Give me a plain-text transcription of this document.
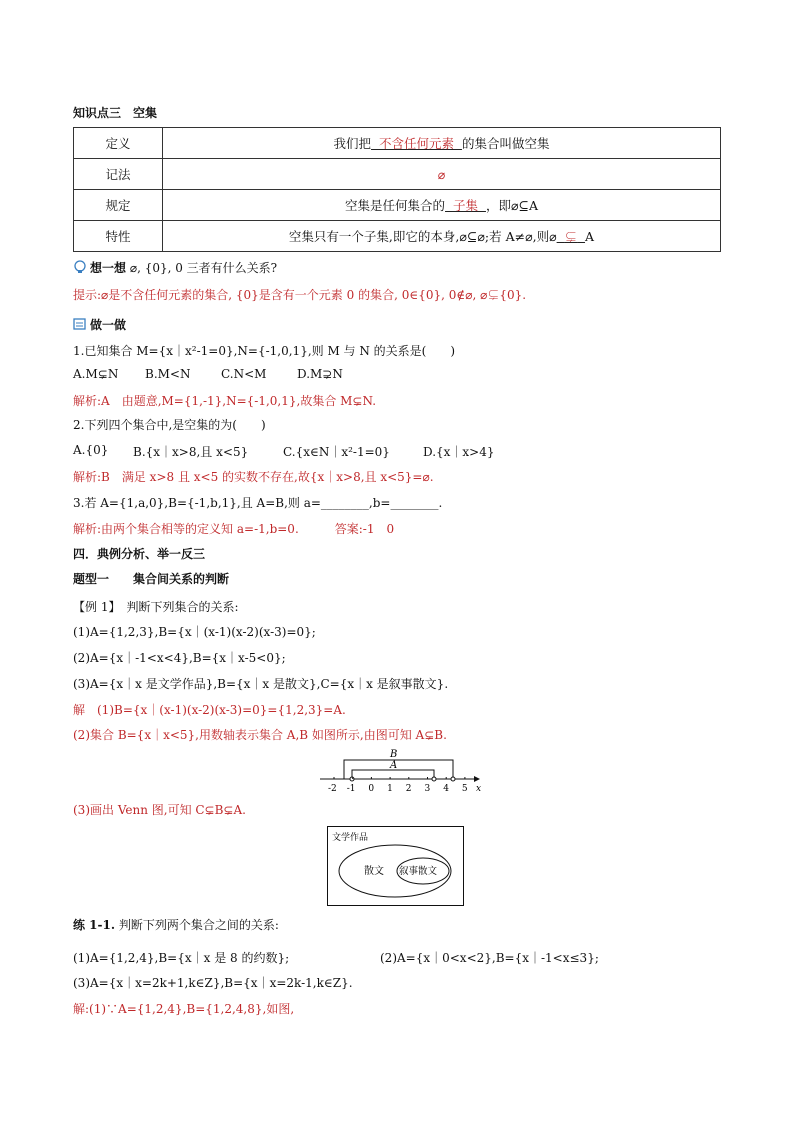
知识点三　空集
定义	我们把 不含任何元素 的集合叫做空集
记法	⌀
规定	空集是任何集合的 子集 ，即⌀⊆A
特性	空集只有一个子集,即它的本身,⌀⊆⌀;若 A≠⌀,则⌀ ⊊ A
想一想 ⌀, {0}, 0 三者有什么关系?
提示:⌀是不含任何元素的集合, {0}是含有一个元素 0 的集合, 0∈{0}, 0∉⌀, ⌀⊊{0}.
做一做
1.已知集合 M={x｜x²-1=0},N={-1,0,1},则 M 与 N 的关系是(　　)
A.M⊊N B.M<N	C.N<M	D.M⊋N
解析:A　由题意,M={1,-1},N={-1,0,1},故集合 M⊊N.
2.下列四个集合中,是空集的为(　　)
A.{0} B.{x｜x>8,且 x<5}	C.{x∈N｜x²-1=0}	D.{x｜x>4}
解析:B　满足 x>8 且 x<5 的实数不存在,故{x｜x>8,且 x<5}=⌀.
3.若 A={1,a,0},B={-1,b,1},且 A=B,则 a=________,b=________.
解析:由两个集合相等的定义知 a=-1,b=0.　　　答案:-1　0
四．典例分析、举一反三
题型一　　集合间关系的判断
【例 1】　判断下列集合的关系:
(1)A={1,2,3},B={x｜(x-1)(x-2)(x-3)=0};
(2)A={x｜-1<x<4},B={x｜x-5<0};
(3)A={x｜x 是文学作品},B={x｜x 是散文},C={x｜x 是叙事散文}.
解　(1)B={x｜(x-1)(x-2)(x-3)=0}={1,2,3}=A.
(2)集合 B={x｜x<5},用数轴表示集合 A,B 如图所示,由图可知 A⊊B.
x
B
A
-2 -1 0 1 2 3 4 5
(3)画出 Venn 图,可知 C⊊B⊊A.
文学作品
散文 叙事散文
练 1-1. 判断下列两个集合之间的关系:
(1)A={1,2,4},B={x｜x 是 8 的约数};	(2)A={x｜0<x<2},B={x｜-1<x≤3};
(3)A={x｜x=2k+1,k∈Z},B={x｜x=2k-1,k∈Z}.
解:(1)∵A={1,2,4},B={1,2,4,8},如图,
